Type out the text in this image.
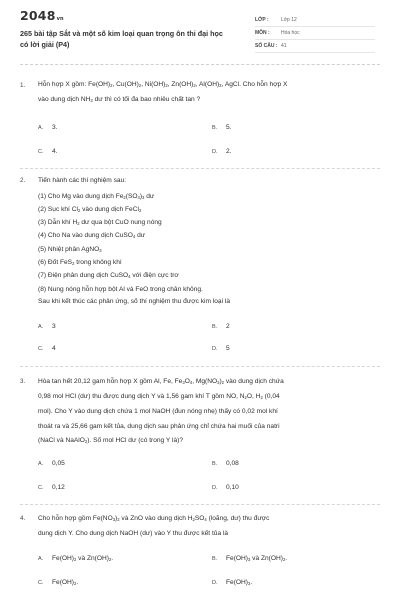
2048vn
265 bài tập Sắt và một số kim loại quan trọng ôn thi đại học có lời giải (P4)
LỚP :	Lớp 12
MÔN :	Hóa học
SỐ CÂU : 41
1. Hỗn hợp X gồm: $Fe(OH)_2$, $Cu(OH)_2$, $Ni(OH)_2$, $Zn(OH)_2$, $Al(OH)_3$, AgCl. Cho hỗn hợp X
vào dung dịch $NH_3$ dư thì có tối đa bao nhiêu chất tan ?
A. 3.	B. 5.
C. 4.	D. 2.
2. Tiến hành các thí nghiệm sau:
(1) Cho Mg vào dung dịch $Fe_2(SO_4)_3$ dư
(2) Sục khí $Cl_2$ vào dung dịch FeCl$_2$
(3) Dẫn khí $H_2$ dư qua bột CuO nung nóng
(4) Cho Na vào dung dịch CuSO$_4$ dư
(5) Nhiệt phân AgNO$_3$
(6) Đốt FeS$_2$ trong không khí
(7) Điện phân dung dịch CuSO$_4$ với điện cực trơ
(8) Nung nóng hỗn hợp bột Al và FeO trong chân không.
Sau khi kết thúc các phản ứng, số thí nghiệm thu được kim loại là
A. 3	B. 2
C. 4	D. 5
3. Hòa tan hết 20,12 gam hỗn hợp X gồm Al, Fe, $Fe_3O_4$, $Mg(NO_3)_2$ vào dung dịch chứa
0,98 mol HCl (dư) thu được dung dịch Y và 1,56 gam khí T gồm NO, $N_2O$, $H_2$ (0,04
mol). Cho Y vào dung dịch chứa 1 mol NaOH (đun nóng nhẹ) thấy có 0,02 mol khí
thoát ra và 25,66 gam kết tủa, dung dịch sau phản ứng chỉ chứa hai muối của natri
(NaCl và NaAlO$_2$). Số mol HCl dư (có trong Y là)?
A. 0,05	B. 0,08
C. 0,12	D. 0,10
4. Cho hỗn hợp gồm $Fe(NO_3)_2$ và ZnO vào dung dịch $H_2SO_4$ (loãng, dư) thu được
dung dịch Y. Cho dung dịch NaOH (dư) vào Y thu được kết tủa là
A. $Fe(OH)_2$ và $Zn(OH)_2$.	B. $Fe(OH)_3$ và $Zn(OH)_2$.
C. $Fe(OH)_2$.	D. $Fe(OH)_3$.
